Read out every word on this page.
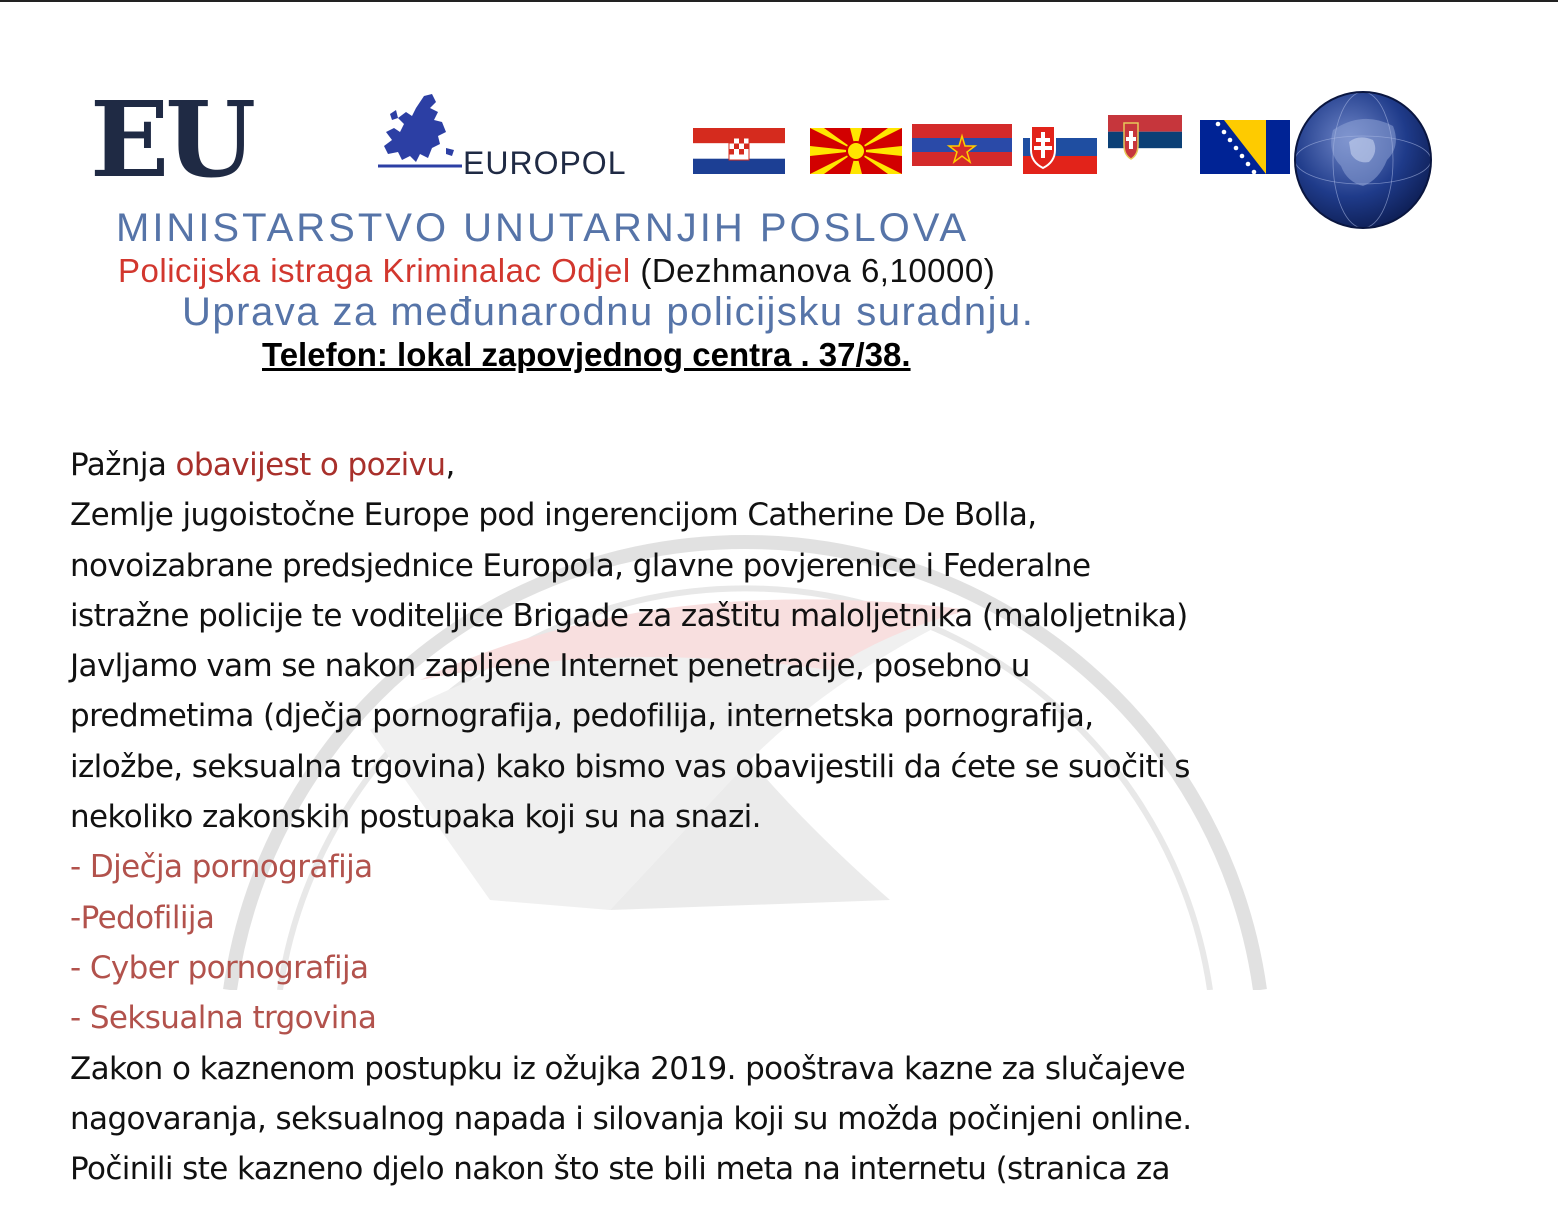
EU	EUROPOL
MINISTARSTVO UNUTARNJIH POSLOVA
Policijska istraga Kriminalac Odjel (Dezhmanova 6,10000)
Uprava za međunarodnu policijsku suradnju.
Telefon: lokal zapovjednog centra . 37/38.
Pažnja obavijest o pozivu,
Zemlje jugoistočne Europe pod ingerencijom Catherine De Bolla,
novoizabrane predsjednice Europola, glavne povjerenice i Federalne
istražne policije te voditeljice Brigade za zaštitu maloljetnika (maloljetnika)
Javljamo vam se nakon zapljene Internet penetracije, posebno u
predmetima (dječja pornografija, pedofilija, internetska pornografija,
izložbe, seksualna trgovina) kako bismo vas obavijestili da ćete se suočiti s
nekoliko zakonskih postupaka koji su na snazi.
- Dječja pornografija
-Pedofilija
- Cyber pornografija
- Seksualna trgovina
Zakon o kaznenom postupku iz ožujka 2019. pooštrava kazne za slučajeve
nagovaranja, seksualnog napada i silovanja koji su možda počinjeni online.
Počinili ste kazneno djelo nakon što ste bili meta na internetu (stranica za
